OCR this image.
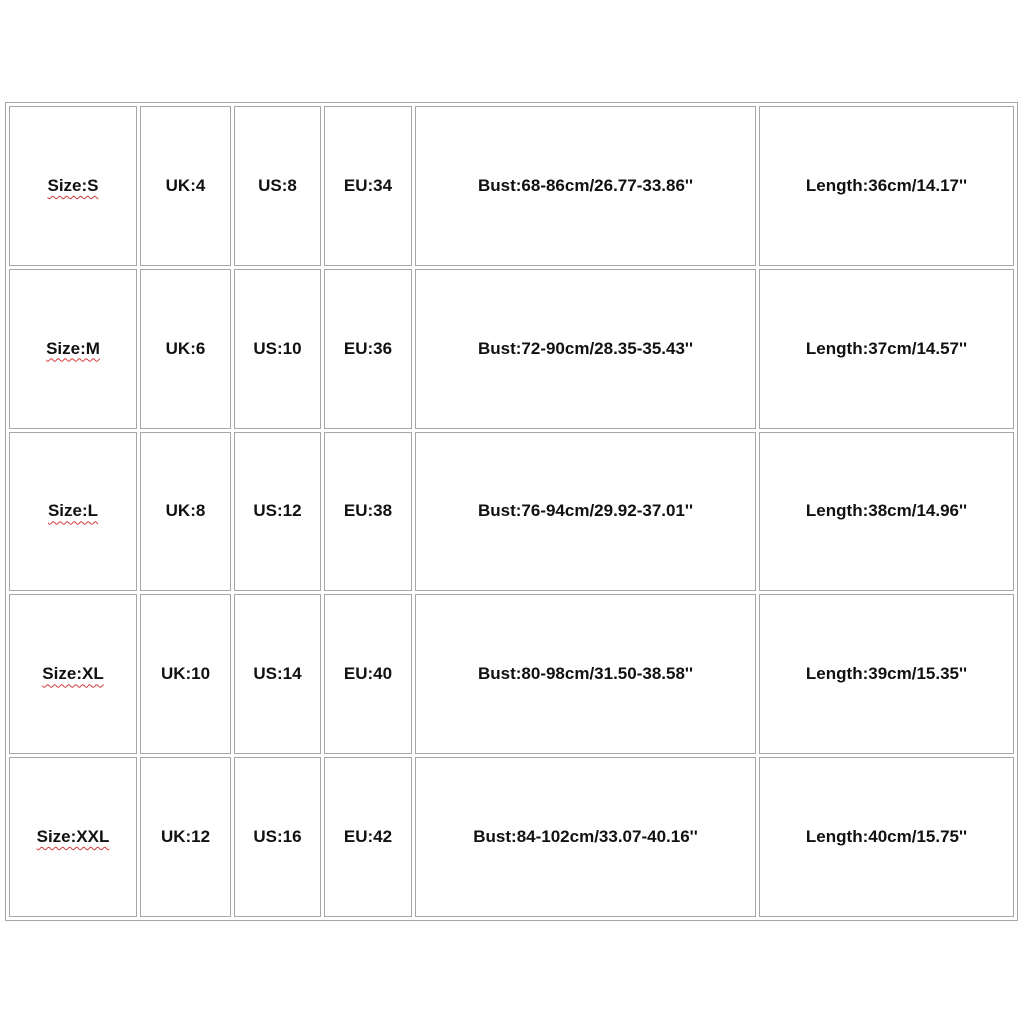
Size:S	UK:4	US:8	EU:34	Bust:68-86cm/26.77-33.86''	Length:36cm/14.17''
Size:M	UK:6	US:10	EU:36	Bust:72-90cm/28.35-35.43''	Length:37cm/14.57''
Size:L	UK:8	US:12	EU:38	Bust:76-94cm/29.92-37.01''	Length:38cm/14.96''
Size:XL	UK:10	US:14	EU:40	Bust:80-98cm/31.50-38.58''	Length:39cm/15.35''
Size:XXL	UK:12	US:16	EU:42	Bust:84-102cm/33.07-40.16''	Length:40cm/15.75''
